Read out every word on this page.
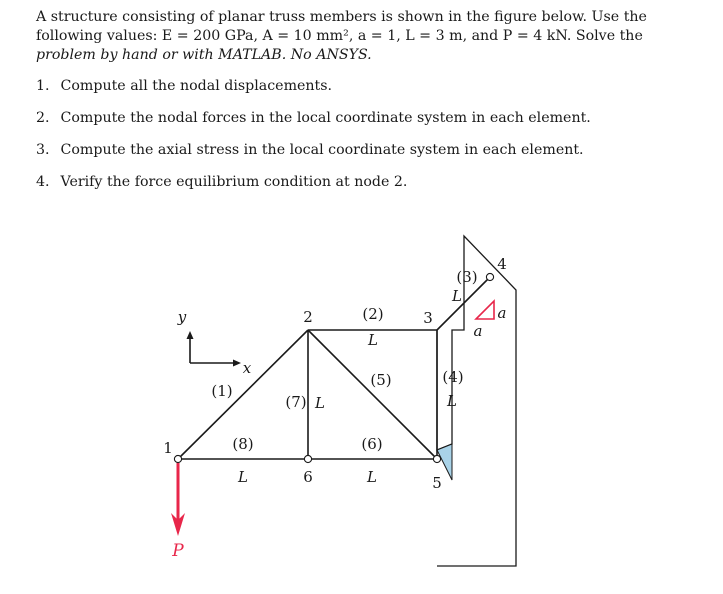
A structure consisting of planar truss members is shown in the figure below. Use the
following values: E = 200 GPa, A = 10 mm², a = 1, L = 3 m, and P = 4 kN. Solve the
problem by hand or with MATLAB. No ANSYS.

1. Compute all the nodal displacements.

2. Compute the nodal forces in the local coordinate system in each element.

3. Compute the axial stress in the local coordinate system in each element.

4. Verify the force equilibrium condition at node 2.

1
2	3
4
5
6
(1)
(2)
(3)
(4)
(5)
(6)
(7)
(8)
L
L
L
L
L
L
a
a
y
x
P
